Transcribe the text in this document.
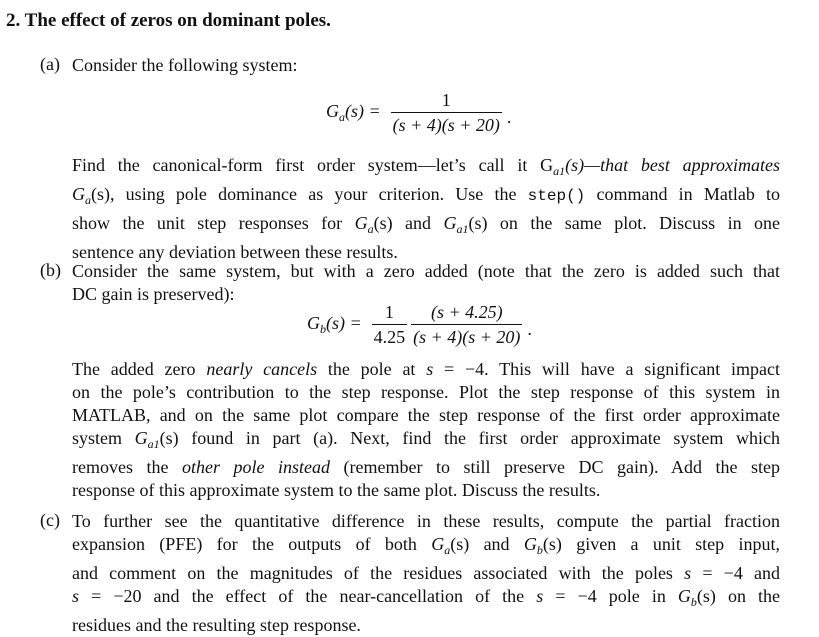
2. The effect of zeros on dominant poles.
(a) Consider the following system:
$G_a(s) = \frac{1}{(s + 4)(s + 20)}$ .
Find the canonical-form first order system—let’s call it $G_{a1}(s)—that$ best approximates
$G_a(s)$, using pole dominance as your criterion. Use the step() command in Matlab to
show the unit step responses for $G_a(s)$ and $G_{a1}(s)$ on the same plot. Discuss in one
sentence any deviation between these results.
(b) Consider the same system, but with a zero added (note that the zero is added such that
DC gain is preserved):
$G_b(s) = \frac{1}{4.25} \frac{(s + 4.25)}{(s + 4)(s + 20)}$ .
The added zero nearly cancels the pole at s = −4. This will have a significant impact
on the pole’s contribution to the step response. Plot the step response of this system in
MATLAB, and on the same plot compare the step response of the first order approximate
system $G_{a1}(s)$ found in part (a). Next, find the first order approximate system which
removes the other pole instead (remember to still preserve DC gain). Add the step
response of this approximate system to the same plot. Discuss the results.
(c) To further see the quantitative difference in these results, compute the partial fraction
expansion (PFE) for the outputs of both $G_a(s)$ and $G_b(s)$ given a unit step input,
and comment on the magnitudes of the residues associated with the poles s = −4 and
s = −20 and the effect of the near-cancellation of the s = −4 pole in $G_b(s)$ on the
residues and the resulting step response.
